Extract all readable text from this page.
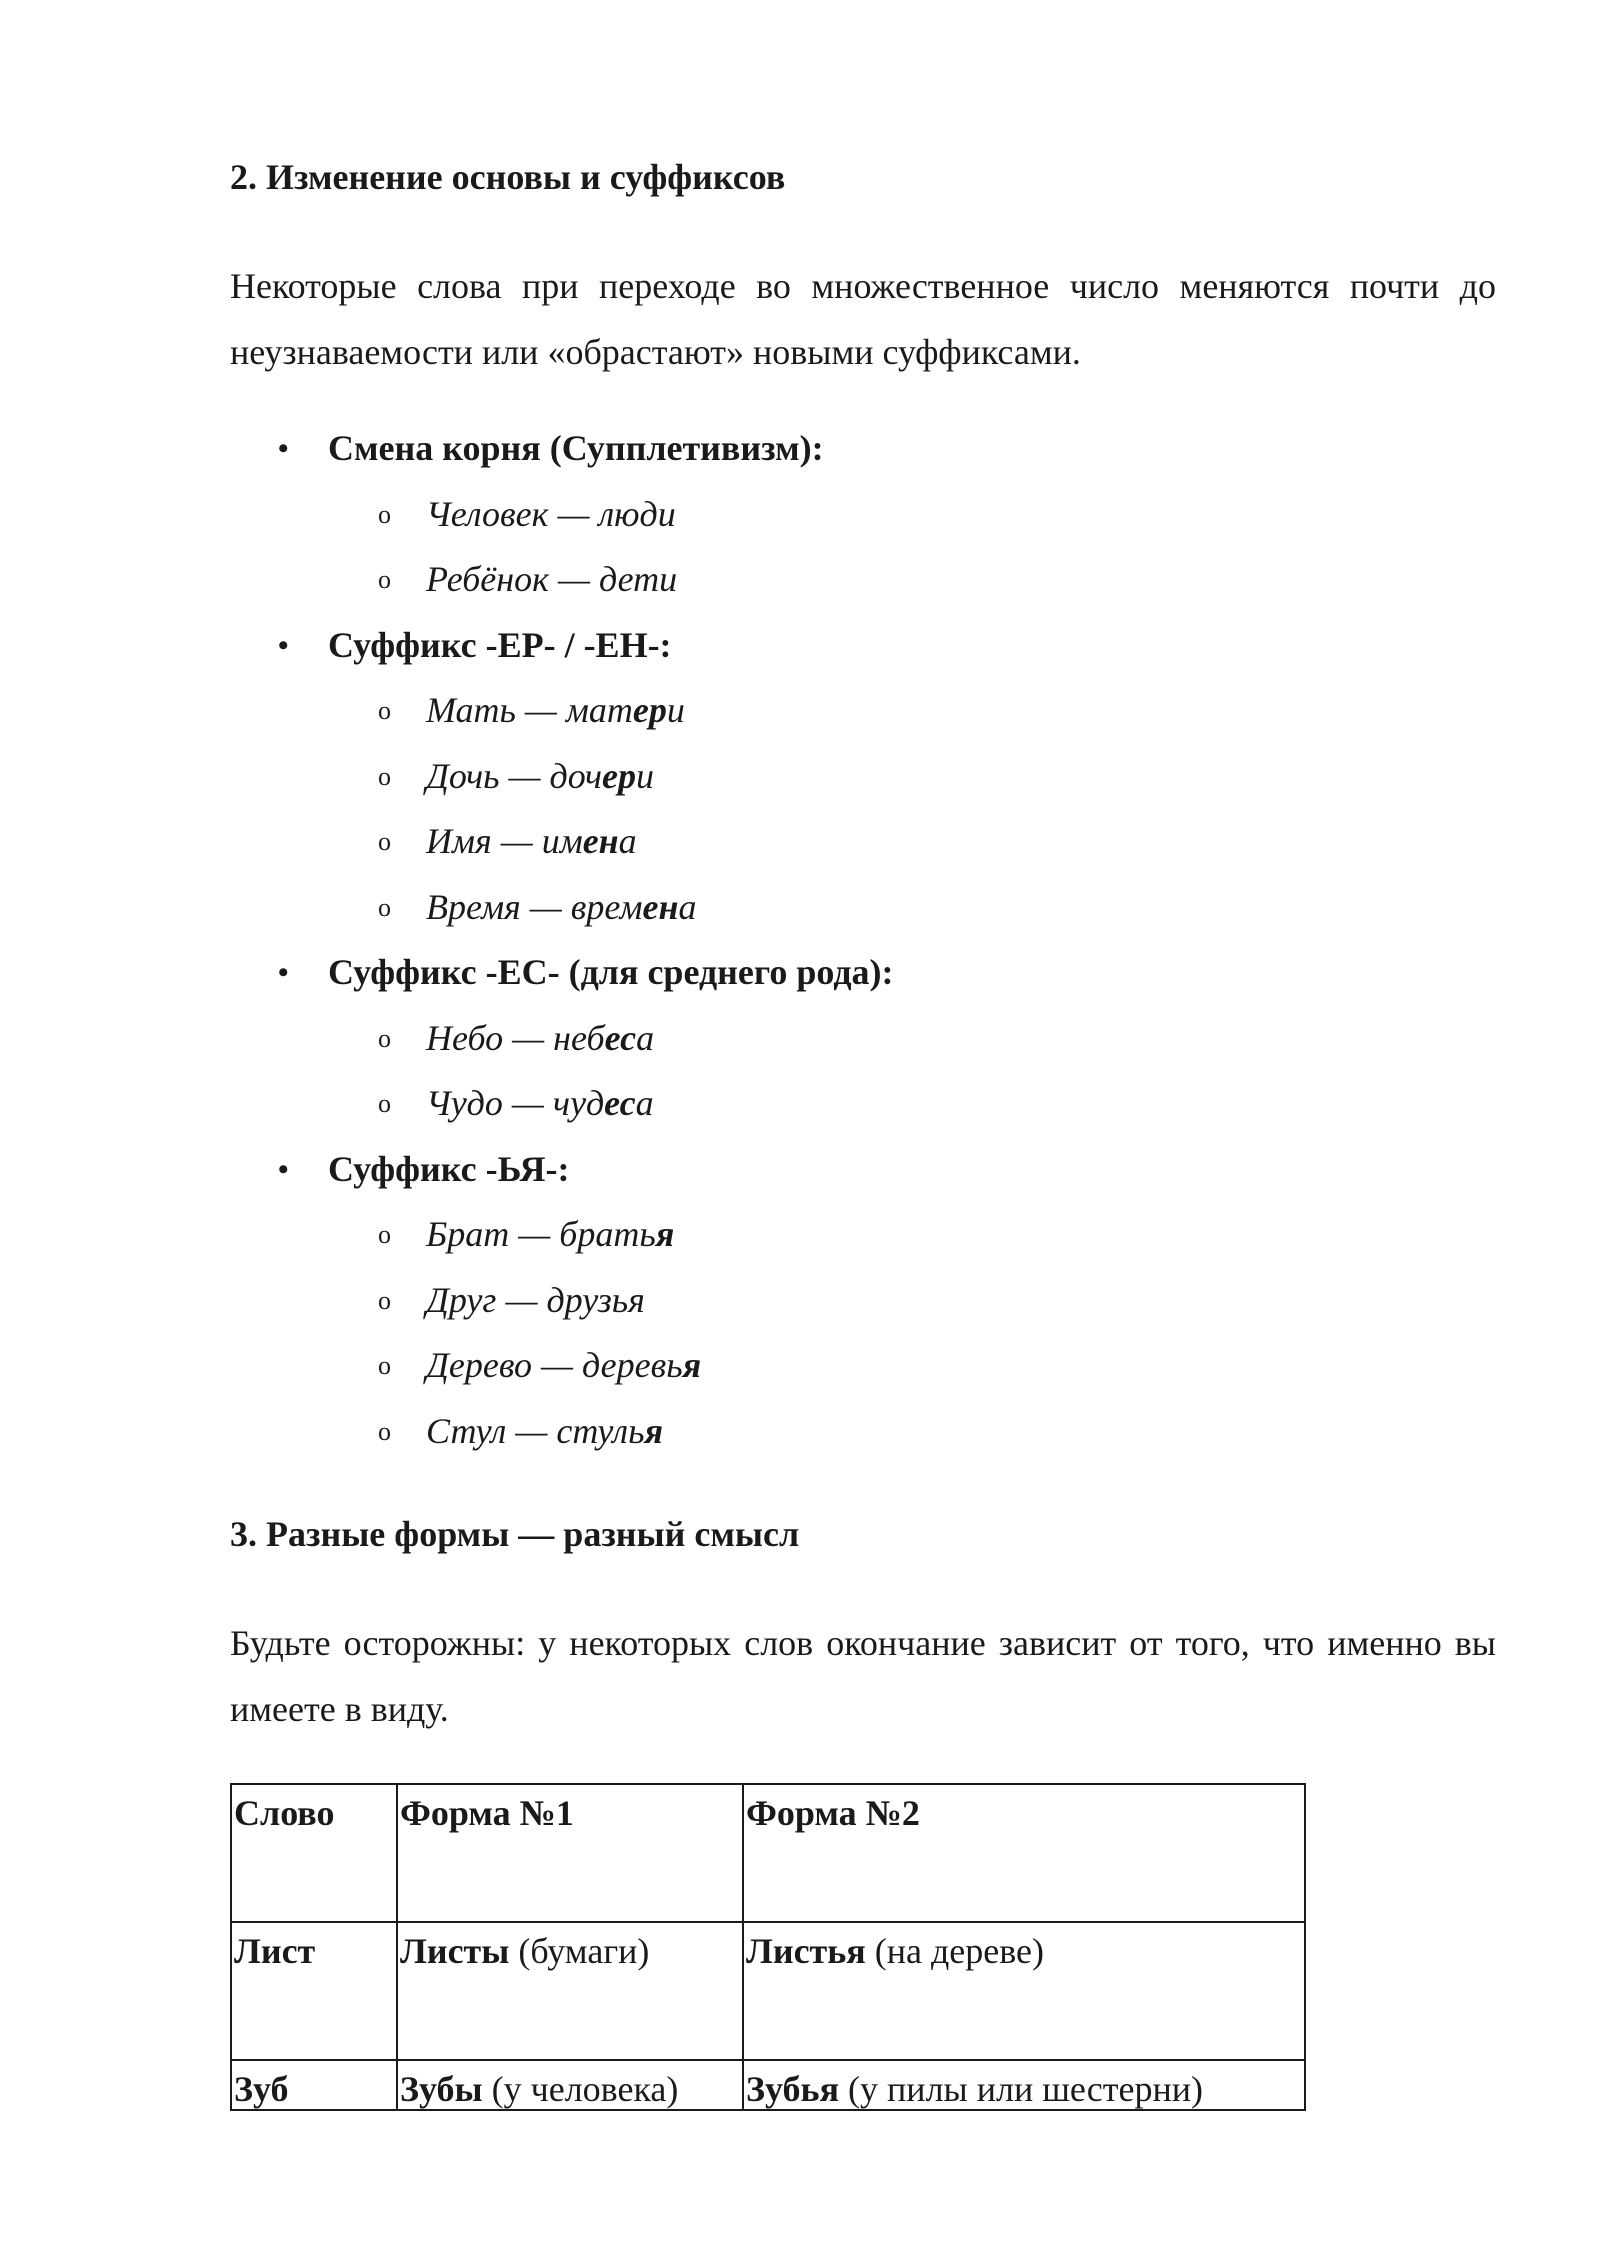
2. Изменение основы и суффиксов

Некоторые слова при переходе во множественное число меняются почти до неузнаваемости или «обрастают» новыми суффиксами.

•	Смена корня (Супплетивизм):
o Человек — люди
o Ребёнок — дети
•	Суффикс -ЕР- / -ЕН-:
o Мать — матери
o Дочь — дочери
o Имя — имена
o Время — времена
•	Суффикс -ЕС- (для среднего рода):
o Небо — небеса
o Чудо — чудеса
•	Суффикс -ЬЯ-:
o Брат — братья
o Друг — друзья
o Дерево — деревья
o Стул — стулья
3. Разные формы — разный смысл

Будьте осторожны: у некоторых слов окончание зависит от того, что именно вы имеете в виду.

Слово	Форма №1	Форма №2
Лист	Листы (бумаги)	Листья (на дереве)
Зуб	Зубы (у человека)	Зубья (у пилы или шестерни)
